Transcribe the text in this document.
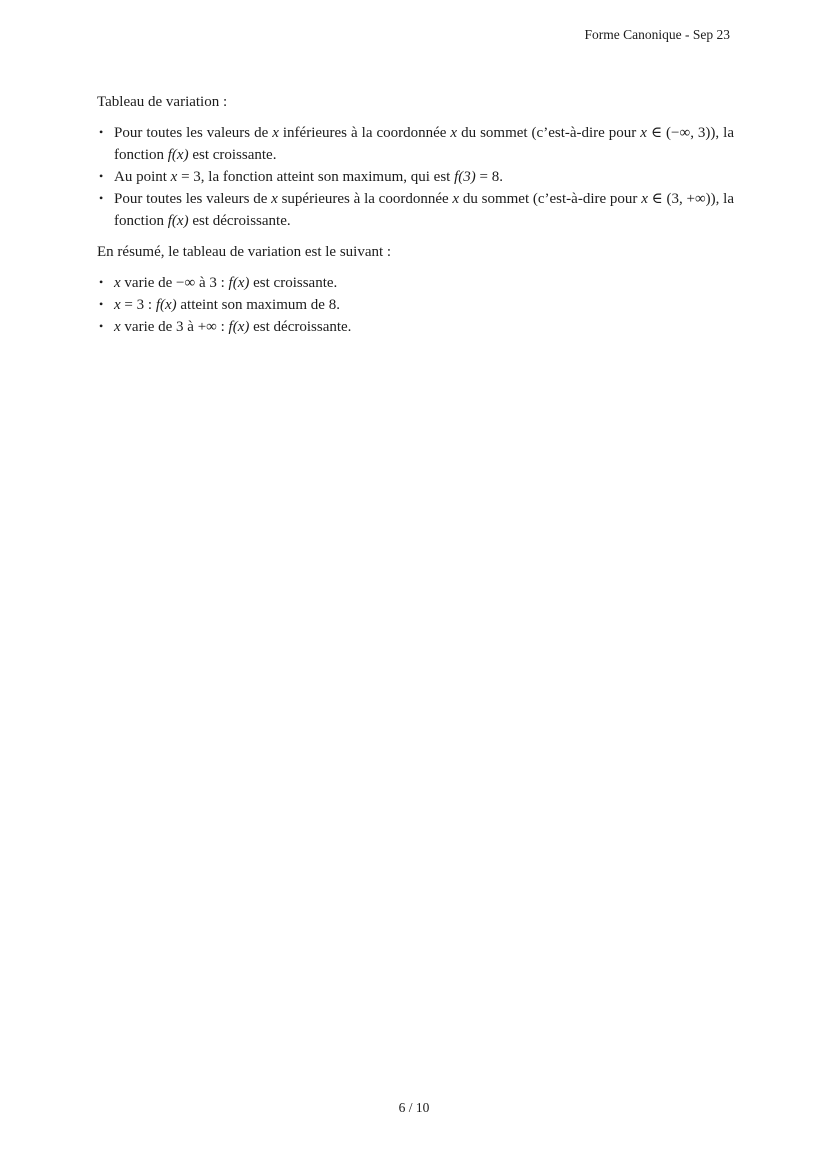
Forme Canonique - Sep 23

Tableau de variation :

• Pour toutes les valeurs de x inférieures à la coordonnée x du sommet (c’est-à-dire pour x ∈ (−∞, 3)), la fonction f(x) est croissante.
• Au point x = 3, la fonction atteint son maximum, qui est f(3) = 8.
• Pour toutes les valeurs de x supérieures à la coordonnée x du sommet (c’est-à-dire pour x ∈ (3, +∞)), la fonction f(x) est décroissante.

En résumé, le tableau de variation est le suivant :

• x varie de −∞ à 3 : f(x) est croissante.
• x = 3 : f(x) atteint son maximum de 8.
• x varie de 3 à +∞ : f(x) est décroissante.
6 / 10
